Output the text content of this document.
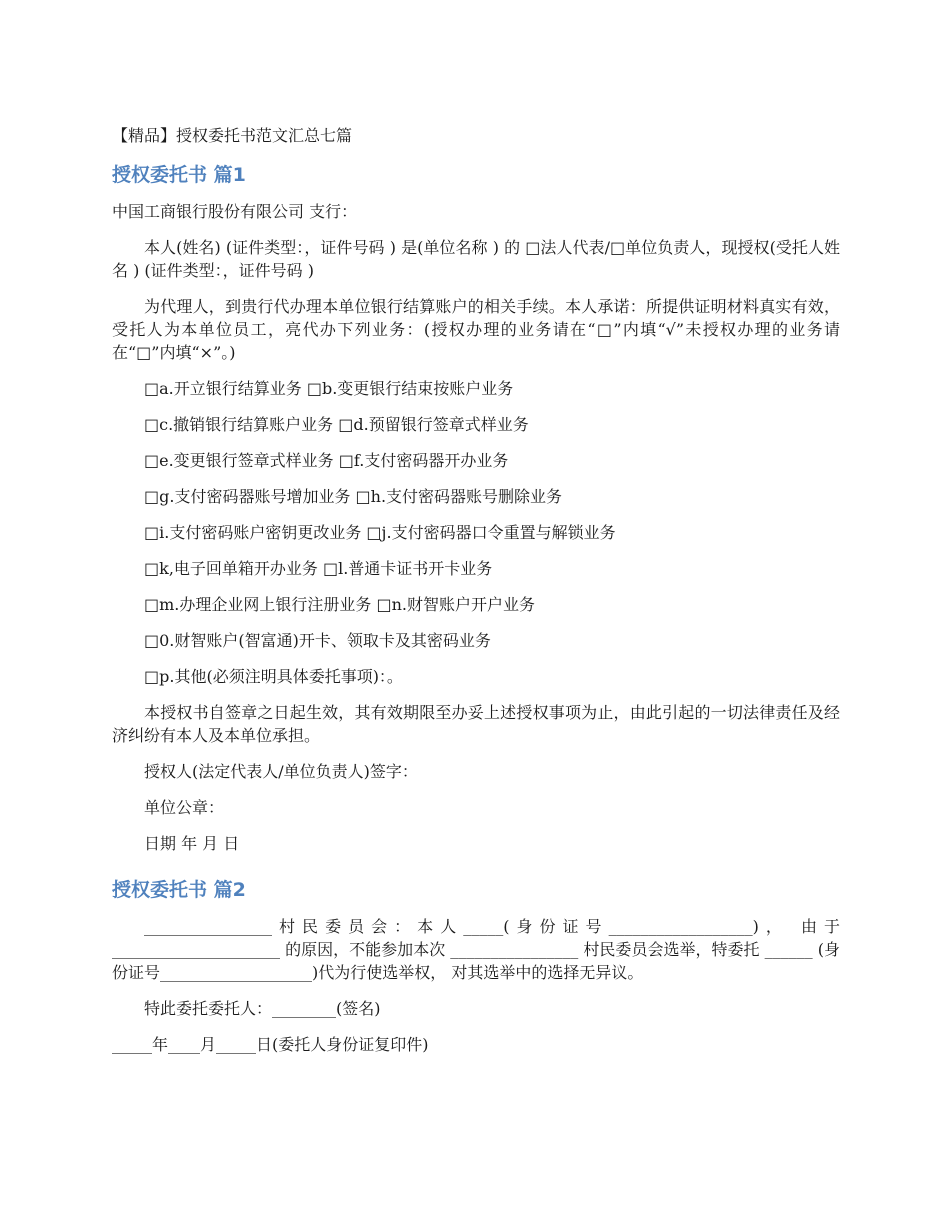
【精品】授权委托书范文汇总七篇
授权委托书 篇1

中国工商银行股份有限公司 支行：

本人(姓名) (证件类型：，证件号码 ) 是(单位名称 ) 的 □法人代表/□单位负责人，现授权(受托人姓名 ) (证件类型：，证件号码 )

为代理人，到贵行代办理本单位银行结算账户的相关手续。本人承诺：所提供证明材料真实有效，受托人为本单位员工，亮代办下列业务：(授权办理的业务请在“□”内填“√”未授权办理的业务请在“□”内填“×”。)

□a.开立银行结算业务 □b.变更银行结束按账户业务

□c.撤销银行结算账户业务 □d.预留银行签章式样业务

□e.变更银行签章式样业务 □f.支付密码器开办业务

□g.支付密码器账号增加业务 □h.支付密码器账号删除业务

□i.支付密码账户密钥更改业务 □j.支付密码器口令重置与解锁业务

□k,电子回单箱开办业务 □l.普通卡证书开卡业务

□m.办理企业网上银行注册业务 □n.财智账户开户业务

□0.财智账户(智富通)开卡、领取卡及其密码业务

□p.其他(必须注明具体委托事项)：。

本授权书自签章之日起生效，其有效期限至办妥上述授权事项为止，由此引起的一切法律责任及经济纠纷有本人及本单位承担。

授权人(法定代表人/单位负责人)签字：

单位公章：

日期 年 月 日

授权委托书 篇2

________________村民委员会：本人_____(身份证号__________________)， 由于_____________________ 的原因，不能参加本次 ________________ 村民委员会选举，特委托 ______ (身份证号___________________)代为行使选举权， 对其选举中的选择无异议。

特此委托委托人：________(签名)

_____年____月_____日(委托人身份证复印件)
